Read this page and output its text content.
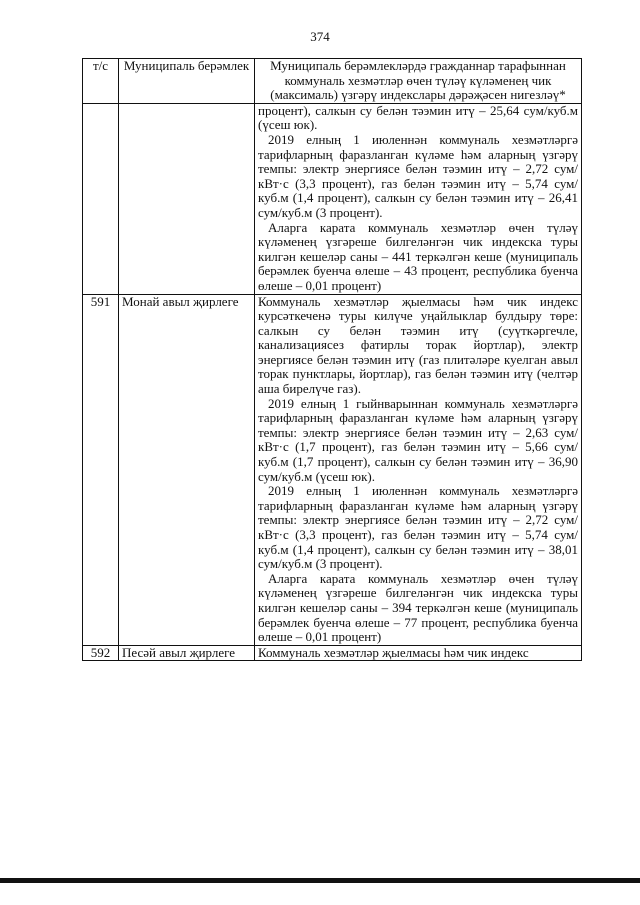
374
т/с	Муниципаль берәмлек	Муниципаль берәмлекләрдә гражданнар тарафыннан коммуналь хезмәтләр өчен түләү күләменең чик (максималь) үзгәрү индекслары дәрәҗәсен нигезләү*

		процент), салкын су белән тәэмин итү – 25,64 сум/куб.м (үсеш юк).

2019 елның 1 июленнән коммуналь хезмәтләргә тарифларның фаразланган күләме һәм аларның үзгәрү темпы: электр энергиясе белән тәэмин итү – 2,72 сум/кВт·с (3,3 процент), газ белән тәэмин итү – 5,74 сум/куб.м (1,4 процент), салкын су белән тәэмин итү – 26,41 сум/куб.м (3 процент).

Аларга карата коммуналь хезмәтләр өчен түләү күләменең үзгәреше билгеләнгән чик индекска туры килгән кешеләр саны – 441 теркәлгән кеше (муниципаль берәмлек буенча өлеше – 43 процент, республика буенча өлеше – 0,01 процент)

591	Монай авыл җирлеге	Коммуналь хезмәтләр җыелмасы һәм чик индекс курсәткеченә туры килүче уңайлыклар булдыру төре: салкын су белән тәэмин итү (суүткәргечле, канализациясез фатирлы торак йортлар), электр энергиясе белән тәэмин итү (газ плитәләре куелган авыл торак пунктлары, йортлар), газ белән тәэмин итү (челтәр аша бирелүче газ).

2019 елның 1 гыйнварыннан коммуналь хезмәтләргә тарифларның фаразланган күләме һәм аларның үзгәрү темпы: электр энергиясе белән тәэмин итү – 2,63 сум/кВт·с (1,7 процент), газ белән тәэмин итү – 5,66 сум/куб.м (1,7 процент), салкын су белән тәэмин итү – 36,90 сум/куб.м (үсеш юк).

2019 елның 1 июленнән коммуналь хезмәтләргә тарифларның фаразланган күләме һәм аларның үзгәрү темпы: электр энергиясе белән тәэмин итү – 2,72 сум/кВт·с (3,3 процент), газ белән тәэмин итү – 5,74 сум/куб.м (1,4 процент), салкын су белән тәэмин итү – 38,01 сум/куб.м (3 процент).

Аларга карата коммуналь хезмәтләр өчен түләү күләменең үзгәреше билгеләнгән чик индекска туры килгән кешеләр саны – 394 теркәлгән кеше (муниципаль берәмлек буенча өлеше – 77 процент, республика буенча өлеше – 0,01 процент)

592	Песәй авыл җирлеге	Коммуналь хезмәтләр җыелмасы һәм чик индекс
